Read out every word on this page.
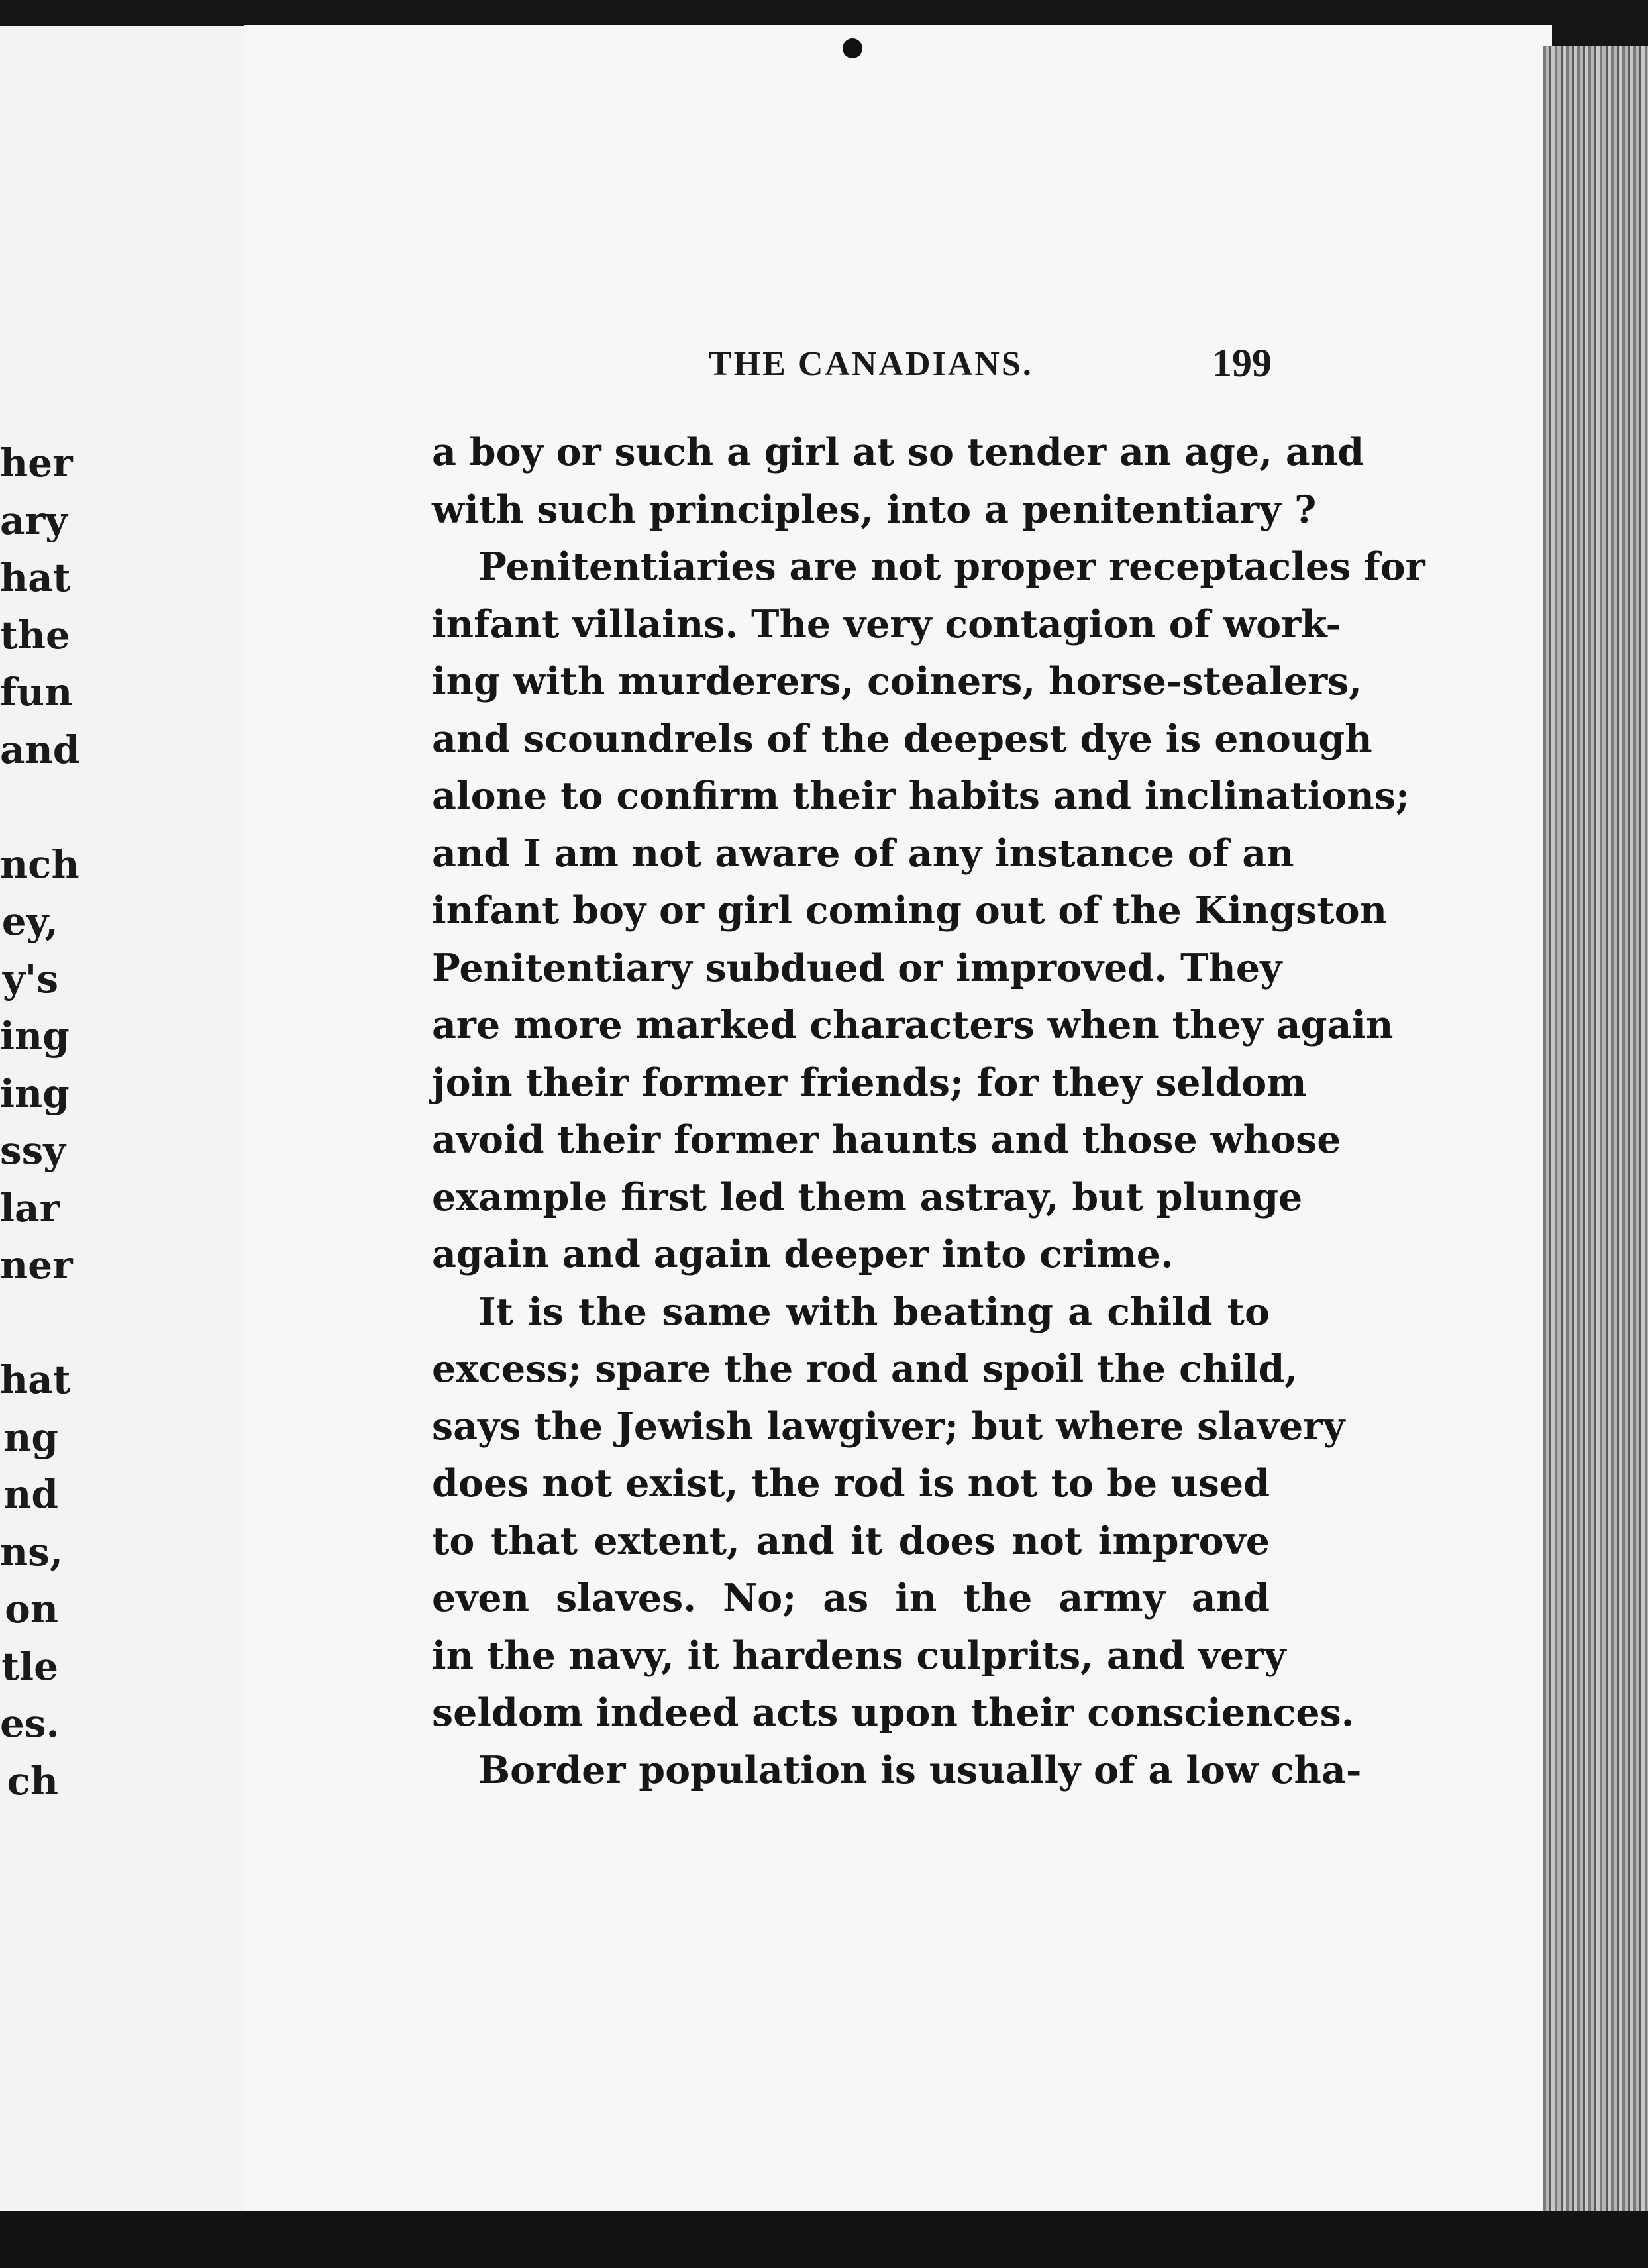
her
ary
hat
the
fun
and
nch
ey,
y's
ing
ing
ssy
lar
ner
hat
ng
nd
ns,
on
tle
es.
ch
THE CANADIANS.	199
a boy or such a girl at so tender an age, and
with such principles, into a penitentiary ?
Penitentiaries are not proper receptacles for
infant villains. The very contagion of work-
ing with murderers, coiners, horse-stealers,
and scoundrels of the deepest dye is enough
alone to confirm their habits and inclinations;
and I am not aware of any instance of an
infant boy or girl coming out of the Kingston
Penitentiary subdued or improved. They
are more marked characters when they again
join their former friends; for they seldom
avoid their former haunts and those whose
example first led them astray, but plunge
again and again deeper into crime.
It is the same with beating a child to
excess; spare the rod and spoil the child,
says the Jewish lawgiver; but where slavery
does not exist, the rod is not to be used
to that extent, and it does not improve
even slaves. No; as in the army and
in the navy, it hardens culprits, and very
seldom indeed acts upon their consciences.
Border population is usually of a low cha-
